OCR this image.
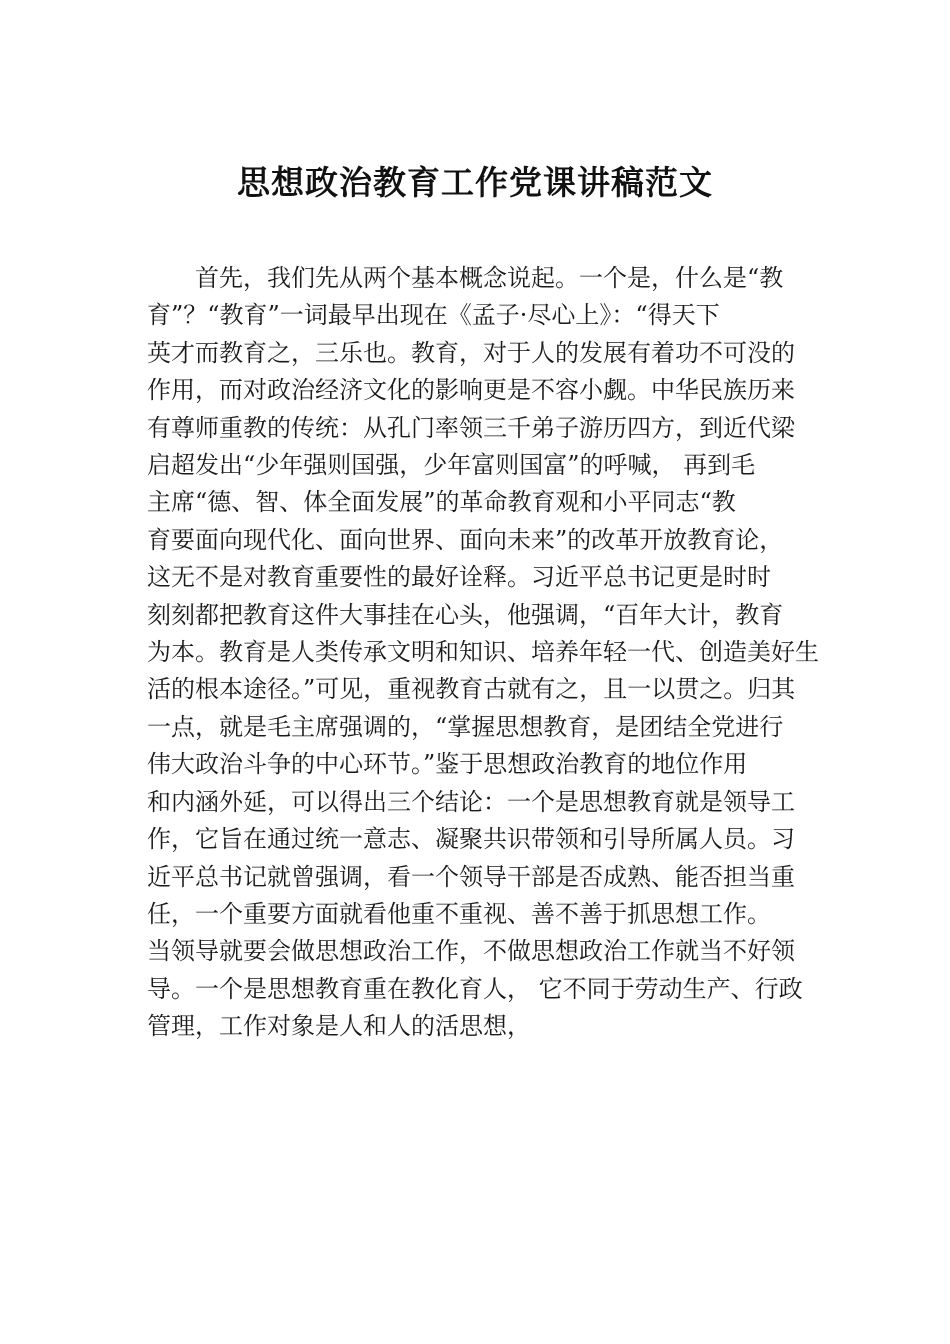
思想政治教育工作党课讲稿范文
　　首先，我们先从两个基本概念说起。一个是，什么是“教
育”？“教育”一词最早出现在《孟子·尽心上》：“得天下
英才而教育之，三乐也。教育，对于人的发展有着功不可没的
作用，而对政治经济文化的影响更是不容小觑。中华民族历来
有尊师重教的传统：从孔门率领三千弟子游历四方，到近代梁
启超发出“少年强则国强，少年富则国富”的呼喊， 再到毛
主席“德、智、体全面发展”的革命教育观和小平同志“教
育要面向现代化、面向世界、面向未来”的改革开放教育论，
这无不是对教育重要性的最好诠释。习近平总书记更是时时
刻刻都把教育这件大事挂在心头，他强调，“百年大计，教育
为本。教育是人类传承文明和知识、培养年轻一代、创造美好生
活的根本途径。”可见，重视教育古就有之，且一以贯之。归其
一点，就是毛主席强调的，“掌握思想教育，是团结全党进行
伟大政治斗争的中心环节。”鉴于思想政治教育的地位作用
和内涵外延，可以得出三个结论：一个是思想教育就是领导工
作，它旨在通过统一意志、凝聚共识带领和引导所属人员。习
近平总书记就曾强调，看一个领导干部是否成熟、能否担当重
任，一个重要方面就看他重不重视、善不善于抓思想工作。
当领导就要会做思想政治工作，不做思想政治工作就当不好领
导。一个是思想教育重在教化育人， 它不同于劳动生产、行政
管理，工作对象是人和人的活思想，
